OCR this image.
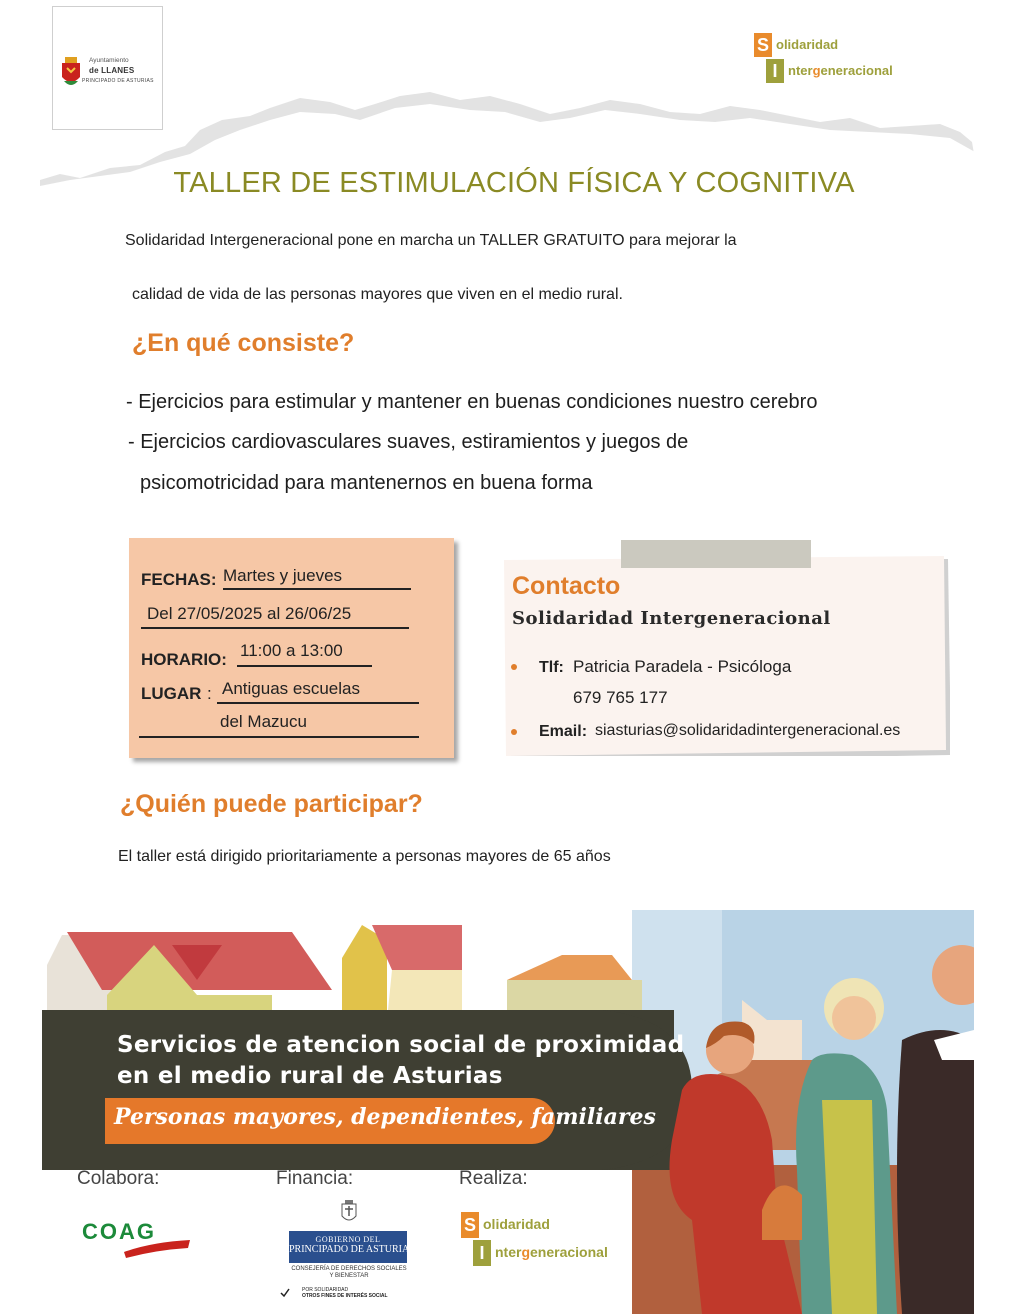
Ayuntamiento
de LLANES
PRINCIPADO DE ASTURIAS
S olidaridad
I ntergeneracional
TALLER DE ESTIMULACIÓN FÍSICA Y COGNITIVA
Solidaridad Intergeneracional pone en marcha un TALLER GRATUITO para mejorar la
calidad de vida de las personas mayores que viven en el medio rural.
¿En qué consiste?
- Ejercicios para estimular y mantener en buenas condiciones nuestro cerebro
- Ejercicios cardiovasculares suaves, estiramientos y juegos de
psicomotricidad para mantenernos en buena forma
FECHAS: Martes y jueves
Del 27/05/2025 al 26/06/25
HORARIO: 11:00 a 13:00
LUGAR : Antiguas escuelas
del Mazucu
Contacto
Solidaridad Intergeneracional
Tlf: Patricia Paradela - Psicóloga
679 765 177
Email: siasturias@solidaridadintergeneracional.es
¿Quién puede participar?
El taller está dirigido prioritariamente a personas mayores de 65 años
Servicios de atencion social de proximidad
en el medio rural de Asturias
Personas mayores, dependientes, familiares
Colabora:	Financia:	Realiza:
COAG	GOBIERNO DEL
PRINCIPADO DE ASTURIAS
CONSEJERÍA DE DERECHOS SOCIALES Y BIENESTAR
POR SOLIDARIDAD
OTROS FINES DE INTERÉS SOCIAL
S olidaridad
I ntergeneracional
